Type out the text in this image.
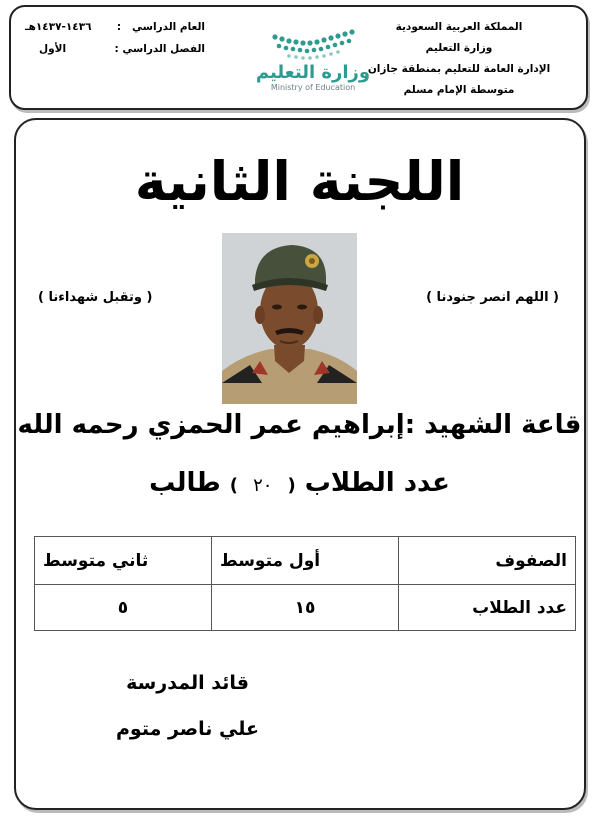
المملكة العربية السعودية
وزارة التعليم
الإدارة العامة للتعليم بمنطقة جازان
متوسطة الإمام مسلم
وزارة التعليم
Ministry of Education
العام الدراسي   :
١٤٣٦-١٤٣٧هـ
الفصل الدراسي :
الأول
اللجنة الثانية
( اللهم انصر جنودنا )
( وتقبل شهداءنا )
قاعة الشهيد :إبراهيم عمر الحمزي رحمه الله
عدد الطلاب ( ٢٠ ) طالب
الصفوف	أول متوسط	ثاني متوسط
عدد الطلاب	١٥	٥
قائد المدرسة
علي ناصر متوم
